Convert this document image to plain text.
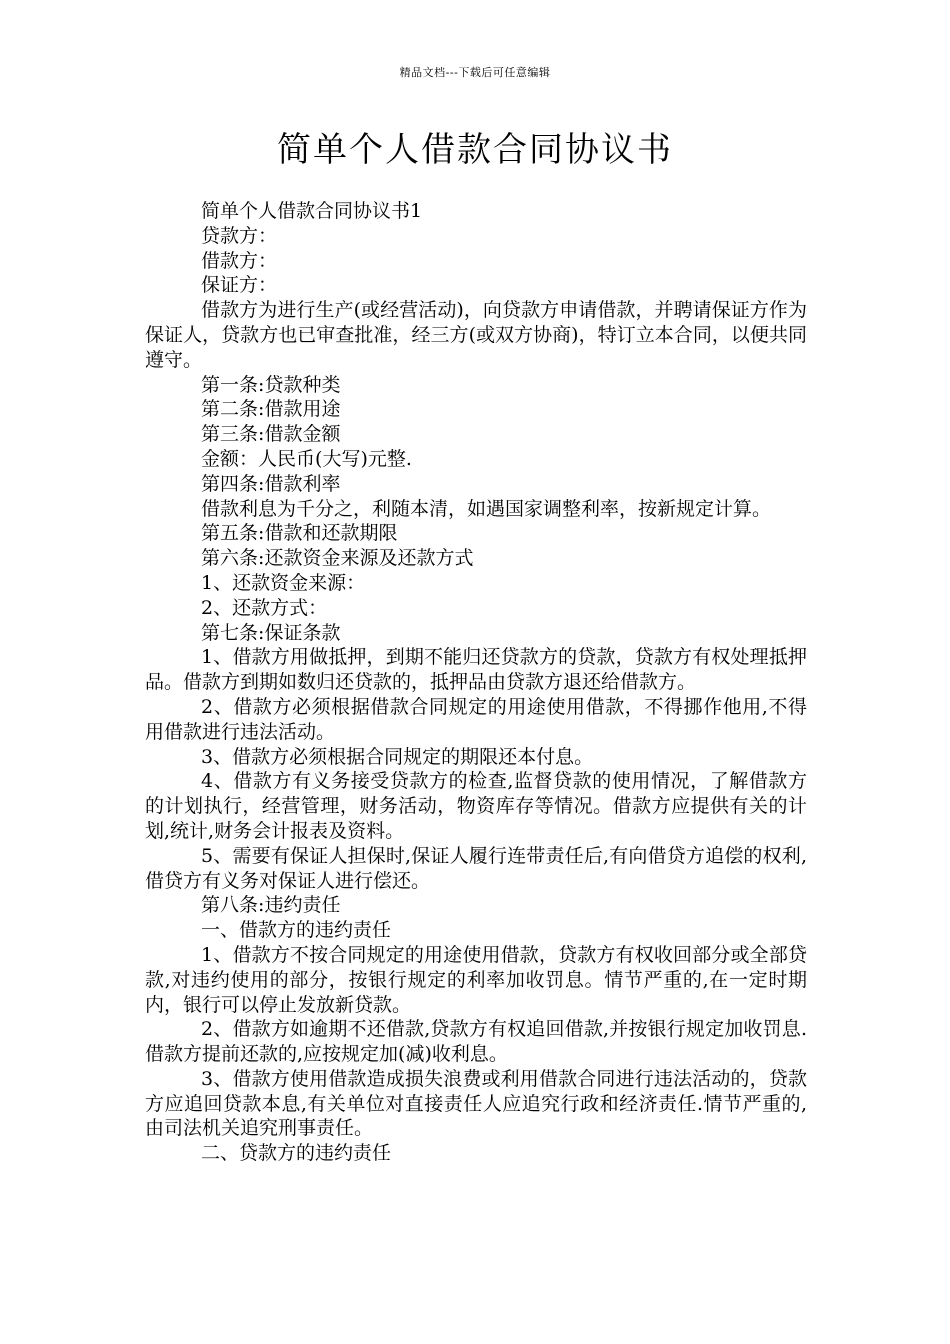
精品文档---下载后可任意编辑
简单个人借款合同协议书

简单个人借款合同协议书1

贷款方：

借款方：

保证方：

借款方为进行生产(或经营活动)，向贷款方申请借款，并聘请保证方作为保证人，贷款方也已审查批准，经三方(或双方协商)，特订立本合同，以便共同遵守。

第一条:贷款种类

第二条:借款用途

第三条:借款金额

金额：人民币(大写)元整.

第四条:借款利率

借款利息为千分之，利随本清，如遇国家调整利率，按新规定计算。

第五条:借款和还款期限

第六条:还款资金来源及还款方式

1、还款资金来源：

2、还款方式：

第七条:保证条款

1、借款方用做抵押，到期不能归还贷款方的贷款，贷款方有权处理抵押品。借款方到期如数归还贷款的，抵押品由贷款方退还给借款方。

2、借款方必须根据借款合同规定的用途使用借款，不得挪作他用,不得用借款进行违法活动。

3、借款方必须根据合同规定的期限还本付息。

4、借款方有义务接受贷款方的检查,监督贷款的使用情况，了解借款方的计划执行，经营管理，财务活动，物资库存等情况。借款方应提供有关的计划,统计,财务会计报表及资料。

5、需要有保证人担保时,保证人履行连带责任后,有向借贷方追偿的权利,借贷方有义务对保证人进行偿还。

第八条:违约责任

一、借款方的违约责任

1、借款方不按合同规定的用途使用借款，贷款方有权收回部分或全部贷款,对违约使用的部分，按银行规定的利率加收罚息。情节严重的,在一定时期内，银行可以停止发放新贷款。

2、借款方如逾期不还借款,贷款方有权追回借款,并按银行规定加收罚息.借款方提前还款的,应按规定加(减)收利息。

3、借款方使用借款造成损失浪费或利用借款合同进行违法活动的，贷款方应追回贷款本息,有关单位对直接责任人应追究行政和经济责任.情节严重的,由司法机关追究刑事责任。

二、贷款方的违约责任
